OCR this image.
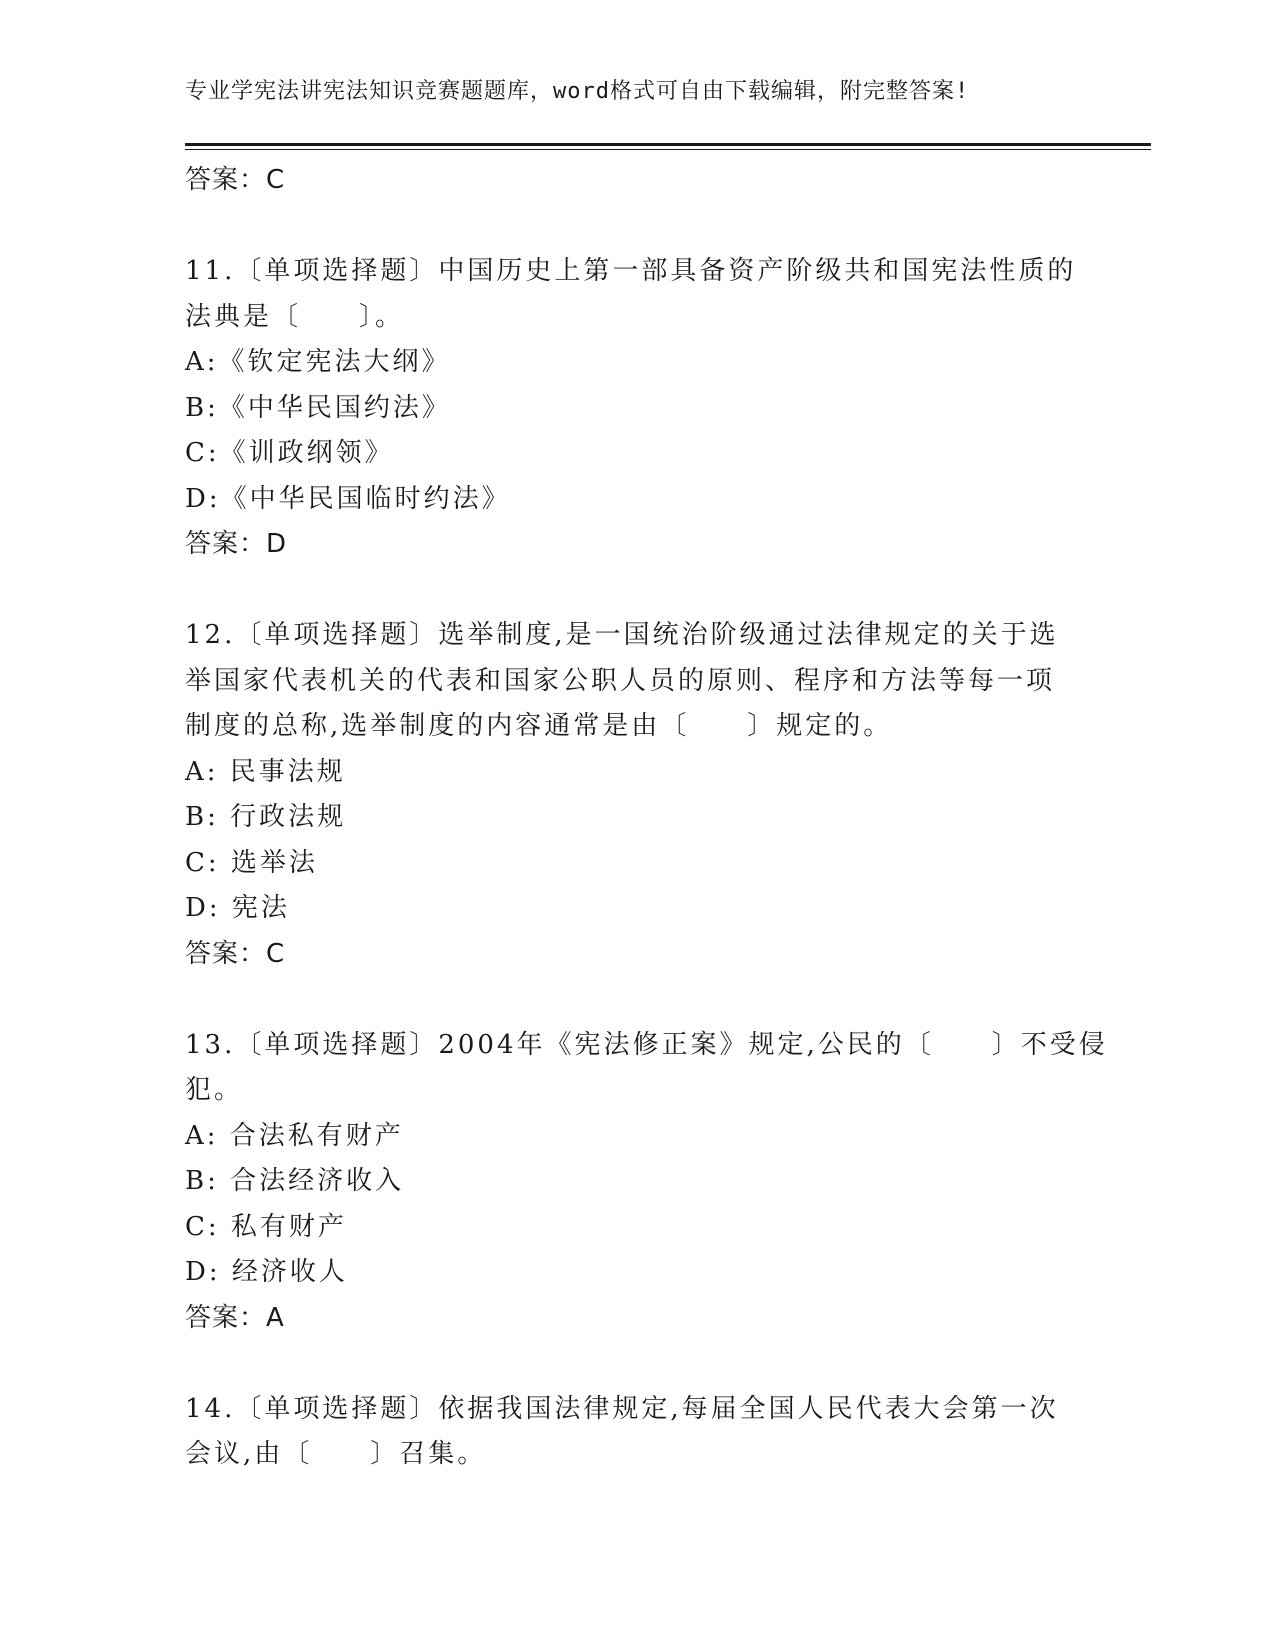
专业学宪法讲宪法知识竞赛题题库，word格式可自由下载编辑，附完整答案!
答案：C
11.〔单项选择题〕中国历史上第一部具备资产阶级共和国宪法性质的
法典是〔　　〕。
A:《钦定宪法大纲》
B:《中华民国约法》
C:《训政纲领》
D:《中华民国临时约法》
答案：D
12.〔单项选择题〕选举制度,是一国统治阶级通过法律规定的关于选
举国家代表机关的代表和国家公职人员的原则、程序和方法等每一项
制度的总称,选举制度的内容通常是由〔　　〕规定的。
A: 民事法规
B: 行政法规
C: 选举法
D: 宪法
答案：C
13.〔单项选择题〕2004年《宪法修正案》规定,公民的〔　　〕不受侵
犯。
A: 合法私有财产
B: 合法经济收入
C: 私有财产
D: 经济收人
答案：A
14.〔单项选择题〕依据我国法律规定,每届全国人民代表大会第一次
会议,由〔　　〕召集。
